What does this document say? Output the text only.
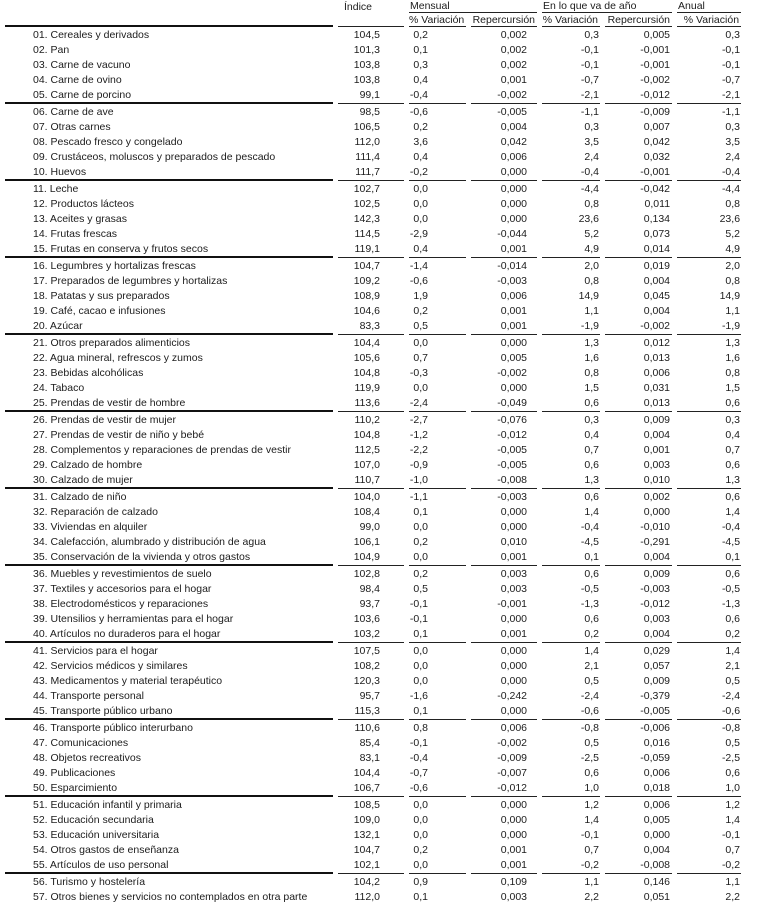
	Índice	Mensual		En lo que va de año		Anual
		% Variación	Repercursión	% Variación	Repercursión	% Variación
01. Cereales y derivados	104,5	0,2	0,002	0,3	0,005	0,3
02. Pan	101,3	0,1	0,002	-0,1	-0,001	-0,1
03. Carne de vacuno	103,8	0,3	0,002	-0,1	-0,001	-0,1
04. Carne de ovino	103,8	0,4	0,001	-0,7	-0,002	-0,7
05. Carne de porcino	99,1	-0,4	-0,002	-2,1	-0,012	-2,1
06. Carne de ave	98,5	-0,6	-0,005	-1,1	-0,009	-1,1
07. Otras carnes	106,5	0,2	0,004	0,3	0,007	0,3
08. Pescado fresco y congelado	112,0	3,6	0,042	3,5	0,042	3,5
09. Crustáceos, moluscos y preparados de pescado	111,4	0,4	0,006	2,4	0,032	2,4
10. Huevos	111,7	-0,2	0,000	-0,4	-0,001	-0,4
11. Leche	102,7	0,0	0,000	-4,4	-0,042	-4,4
12. Productos lácteos	102,5	0,0	0,000	0,8	0,011	0,8
13. Aceites y grasas	142,3	0,0	0,000	23,6	0,134	23,6
14. Frutas frescas	114,5	-2,9	-0,044	5,2	0,073	5,2
15. Frutas en conserva y frutos secos	119,1	0,4	0,001	4,9	0,014	4,9
16. Legumbres y hortalizas frescas	104,7	-1,4	-0,014	2,0	0,019	2,0
17. Preparados de legumbres y hortalizas	109,2	-0,6	-0,003	0,8	0,004	0,8
18. Patatas y sus preparados	108,9	1,9	0,006	14,9	0,045	14,9
19. Café, cacao e infusiones	104,6	0,2	0,001	1,1	0,004	1,1
20. Azúcar	83,3	0,5	0,001	-1,9	-0,002	-1,9
21. Otros preparados alimenticios	104,4	0,0	0,000	1,3	0,012	1,3
22. Agua mineral, refrescos y zumos	105,6	0,7	0,005	1,6	0,013	1,6
23. Bebidas alcohólicas	104,8	-0,3	-0,002	0,8	0,006	0,8
24. Tabaco	119,9	0,0	0,000	1,5	0,031	1,5
25. Prendas de vestir de hombre	113,6	-2,4	-0,049	0,6	0,013	0,6
26. Prendas de vestir de mujer	110,2	-2,7	-0,076	0,3	0,009	0,3
27. Prendas de vestir de niño y bebé	104,8	-1,2	-0,012	0,4	0,004	0,4
28. Complementos y reparaciones de prendas de vestir	112,5	-2,2	-0,005	0,7	0,001	0,7
29. Calzado de hombre	107,0	-0,9	-0,005	0,6	0,003	0,6
30. Calzado de mujer	110,7	-1,0	-0,008	1,3	0,010	1,3
31. Calzado de niño	104,0	-1,1	-0,003	0,6	0,002	0,6
32. Reparación de calzado	108,4	0,1	0,000	1,4	0,000	1,4
33. Viviendas en alquiler	99,0	0,0	0,000	-0,4	-0,010	-0,4
34. Calefacción, alumbrado y distribución de agua	106,1	0,2	0,010	-4,5	-0,291	-4,5
35. Conservación de la vivienda y otros gastos	104,9	0,0	0,001	0,1	0,004	0,1
36. Muebles y revestimientos de suelo	102,8	0,2	0,003	0,6	0,009	0,6
37. Textiles y accesorios para el hogar	98,4	0,5	0,003	-0,5	-0,003	-0,5
38. Electrodomésticos y reparaciones	93,7	-0,1	-0,001	-1,3	-0,012	-1,3
39. Utensilios y herramientas para el hogar	103,6	-0,1	0,000	0,6	0,003	0,6
40. Artículos no duraderos para el hogar	103,2	0,1	0,001	0,2	0,004	0,2
41. Servicios para el hogar	107,5	0,0	0,000	1,4	0,029	1,4
42. Servicios médicos y similares	108,2	0,0	0,000	2,1	0,057	2,1
43. Medicamentos y material terapéutico	120,3	0,0	0,000	0,5	0,009	0,5
44. Transporte personal	95,7	-1,6	-0,242	-2,4	-0,379	-2,4
45. Transporte público urbano	115,3	0,1	0,000	-0,6	-0,005	-0,6
46. Transporte público interurbano	110,6	0,8	0,006	-0,8	-0,006	-0,8
47. Comunicaciones	85,4	-0,1	-0,002	0,5	0,016	0,5
48. Objetos recreativos	83,1	-0,4	-0,009	-2,5	-0,059	-2,5
49. Publicaciones	104,4	-0,7	-0,007	0,6	0,006	0,6
50. Esparcimiento	106,7	-0,6	-0,012	1,0	0,018	1,0
51. Educación infantil y primaria	108,5	0,0	0,000	1,2	0,006	1,2
52. Educación secundaria	109,0	0,0	0,000	1,4	0,005	1,4
53. Educación universitaria	132,1	0,0	0,000	-0,1	0,000	-0,1
54. Otros gastos de enseñanza	104,7	0,2	0,001	0,7	0,004	0,7
55. Artículos de uso personal	102,1	0,0	0,001	-0,2	-0,008	-0,2
56. Turismo y hostelería	104,2	0,9	0,109	1,1	0,146	1,1
57. Otros bienes y servicios no contemplados en otra parte	112,0	0,1	0,003	2,2	0,051	2,2
